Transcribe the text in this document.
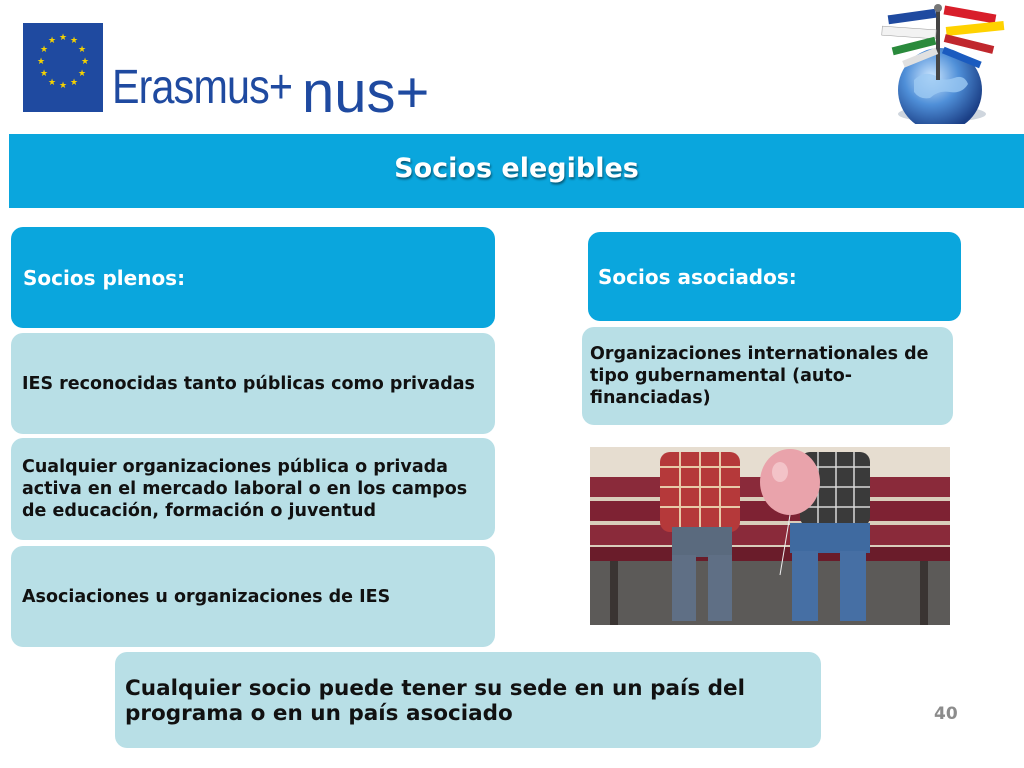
★ ★
★
★
★
★
★
★
★
★
★
★
Erasmus+ nus+
Socios elegibles
Socios plenos:
IES reconocidas tanto públicas como privadas
Cualquier organizaciones pública o privada activa en el mercado laboral o en los campos de educación, formación o juventud
Asociaciones u organizaciones de IES
Socios asociados:
Organizaciones internationales de tipo gubernamental (auto-financiadas)
Cualquier socio puede tener su sede en un país del programa o en un país asociado	40
